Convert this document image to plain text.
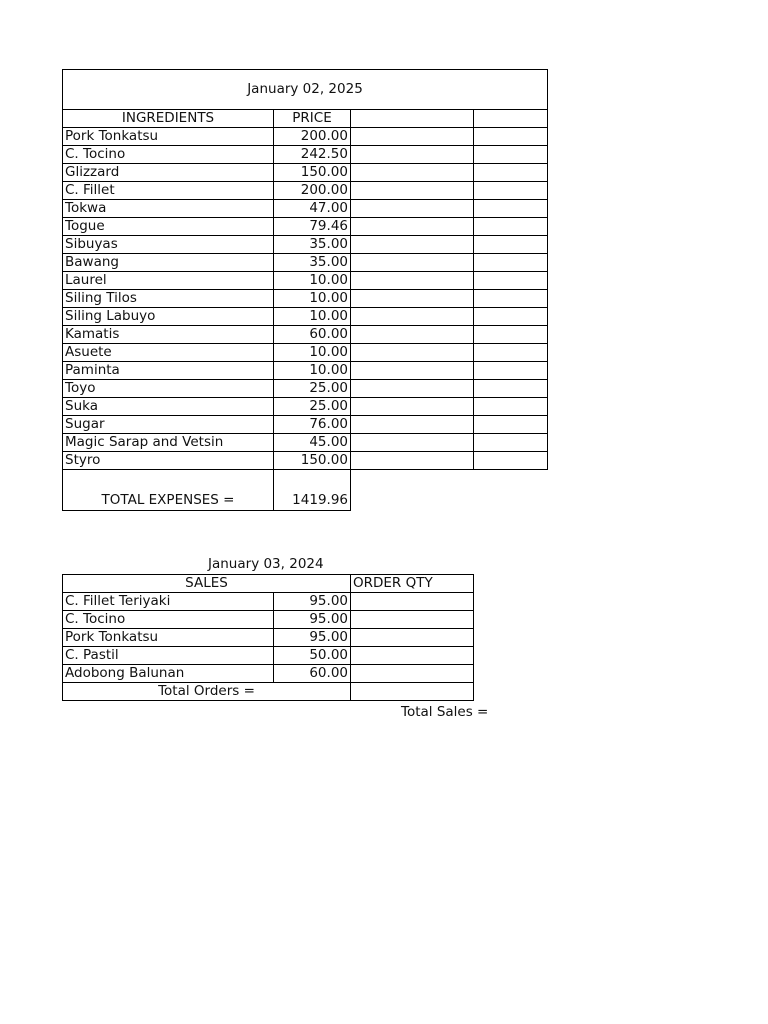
January 02, 2025			
INGREDIENTS	PRICE		
Pork Tonkatsu	200.00		
C. Tocino	242.50		
Glizzard	150.00		
C. Fillet	200.00		
Tokwa	47.00		
Togue	79.46		
Sibuyas	35.00		
Bawang	35.00		
Laurel	10.00		
Siling Tilos	10.00		
Siling Labuyo	10.00		
Kamatis	60.00		
Asuete	10.00		
Paminta	10.00		
Toyo	25.00		
Suka	25.00		
Sugar	76.00		
Magic Sarap and Vetsin	45.00		
Styro	150.00		
TOTAL EXPENSES =	1419.96		
January 03, 2024
SALES		ORDER QTY
C. Fillet Teriyaki	95.00	
C. Tocino	95.00	
Pork Tonkatsu	95.00	
C. Pastil	50.00	
Adobong Balunan	60.00	
Total Orders =		
Total Sales =
